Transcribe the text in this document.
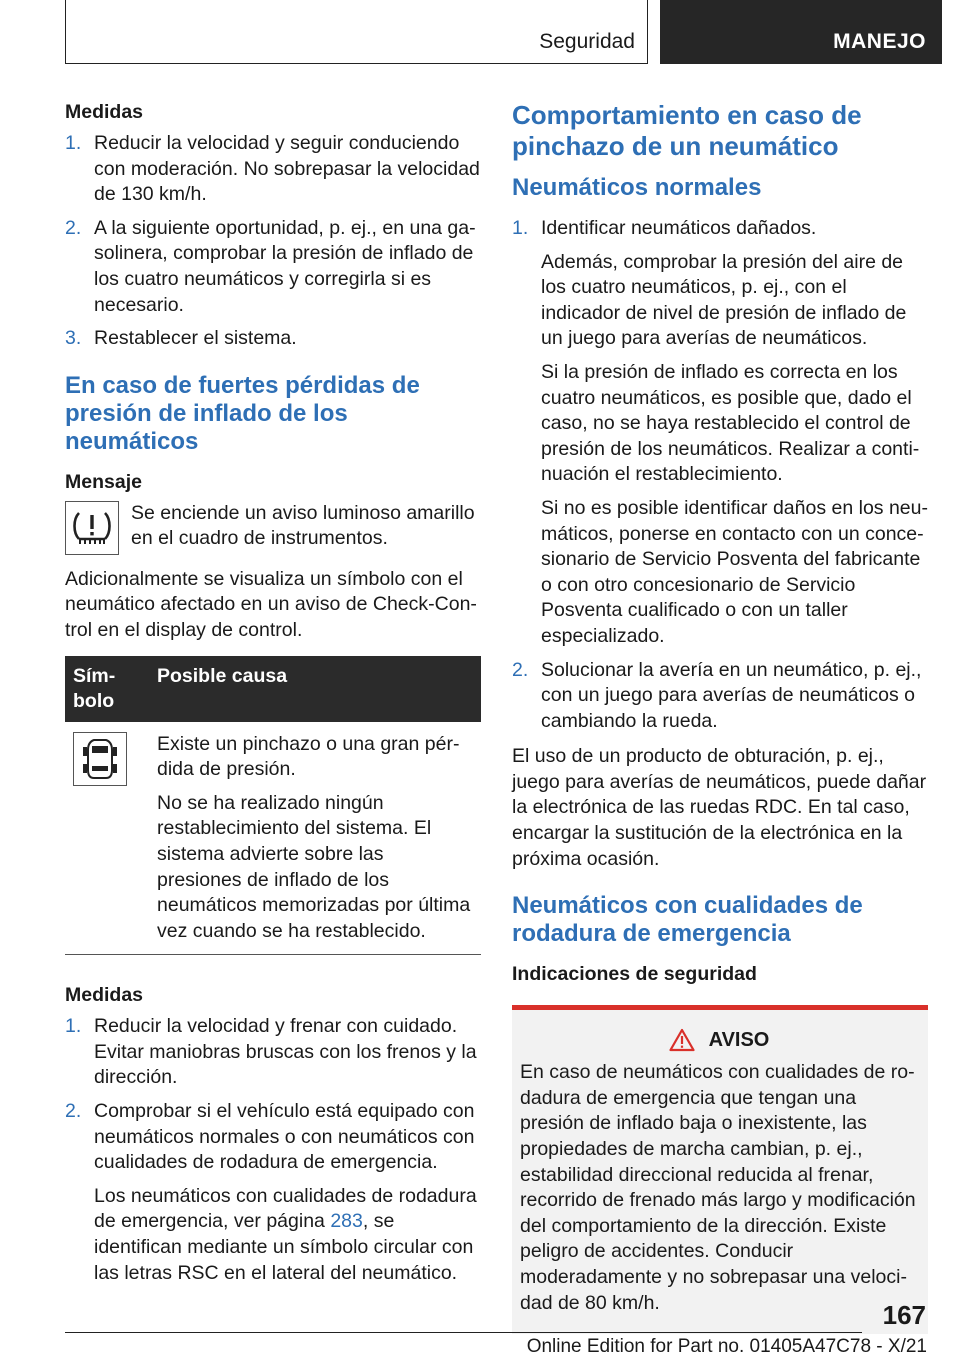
Seguridad	MANEJO
Medidas
1. Reducir la velocidad y seguir conduciendo con moderación. No sobrepasar la velocidad de 130 km/h.
2. A la siguiente oportunidad, p. ej., en una gasolinera, comprobar la presión de inflado de los cuatro neumáticos y corregirla si es necesario.
3. Restablecer el sistema.
En caso de fuertes pérdidas de presión de inflado de los neumáticos
Mensaje
Se enciende un aviso luminoso amarillo en el cuadro de instrumentos.
Adicionalmente se visualiza un símbolo con el neumático afectado en un aviso de Check-Control en el display de control.
Sím-bolo	Posible causa

Existe un pinchazo o una gran pérdida de presión.
No se ha realizado ningún restablecimiento del sistema. El sistema advierte sobre las presiones de inflado de los neumáticos memorizadas por última vez cuando se ha restablecido.
Medidas
1. Reducir la velocidad y frenar con cuidado. Evitar maniobras bruscas con los frenos y la dirección.
2. Comprobar si el vehículo está equipado con neumáticos normales o con neumáticos con cualidades de rodadura de emergencia.
Los neumáticos con cualidades de rodadura de emergencia, ver página 283, se identifican mediante un símbolo circular con las letras RSC en el lateral del neumático.
Comportamiento en caso de pinchazo de un neumático
Neumáticos normales
1. Identificar neumáticos dañados.
Además, comprobar la presión del aire de los cuatro neumáticos, p. ej., con el indicador de nivel de presión de inflado de un juego para averías de neumáticos.
Si la presión de inflado es correcta en los cuatro neumáticos, es posible que, dado el caso, no se haya restablecido el control de presión de los neumáticos. Realizar a continuación el restablecimiento.
Si no es posible identificar daños en los neumáticos, ponerse en contacto con un concesionario de Servicio Posventa del fabricante o con otro concesionario de Servicio Posventa cualificado o con un taller especializado.
2. Solucionar la avería en un neumático, p. ej., con un juego para averías de neumáticos o cambiando la rueda.
El uso de un producto de obturación, p. ej., juego para averías de neumáticos, puede dañar la electrónica de las ruedas RDC. En tal caso, encargar la sustitución de la electrónica en la próxima ocasión.
Neumáticos con cualidades de rodadura de emergencia
Indicaciones de seguridad
AVISO
En caso de neumáticos con cualidades de rodadura de emergencia que tengan una presión de inflado baja o inexistente, las propiedades de marcha cambian, p. ej., estabilidad direccional reducida al frenar, recorrido de frenado más largo y modificación del comportamiento de la dirección. Existe peligro de accidentes. Conducir moderadamente y no sobrepasar una velocidad de 80 km/h.	167
Online Edition for Part no. 01405A47C78 - X/21
